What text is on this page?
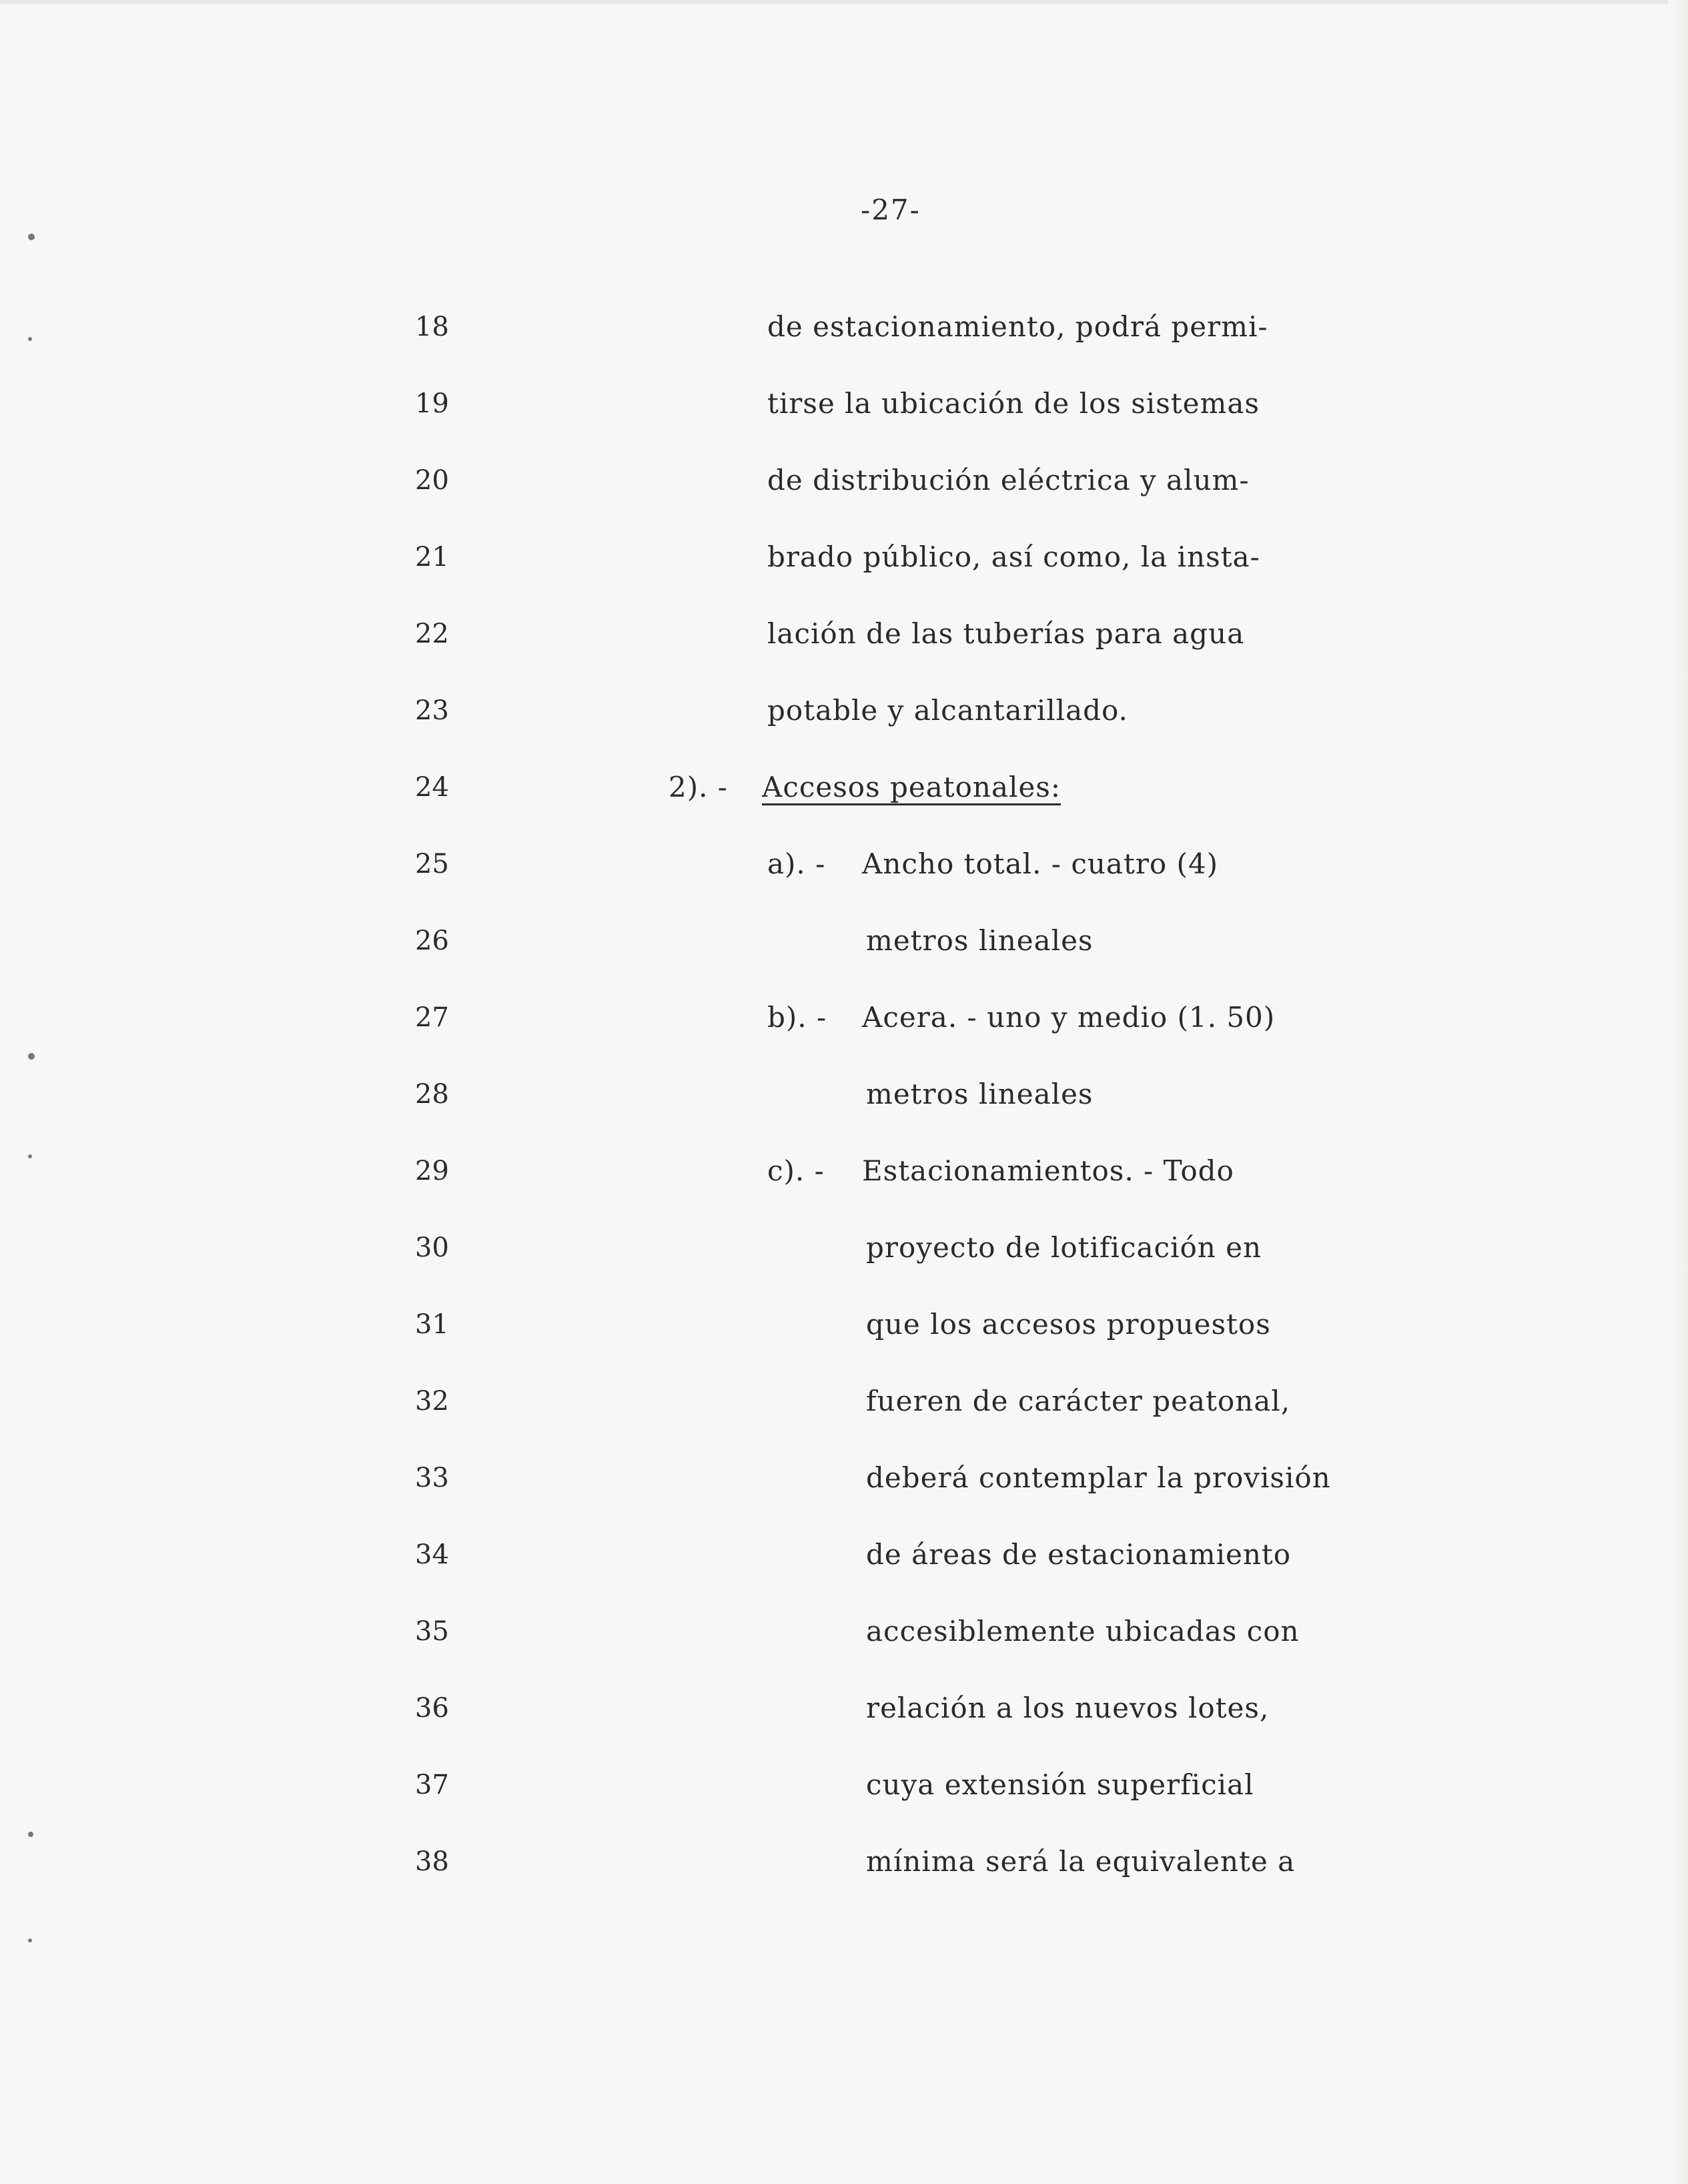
-27-
18
19
20
21
22
23
24
25
26
27
28
29
30
31
32
33
34
35
36
37
38
de estacionamiento, podrá permi-
tirse la ubicación de los sistemas
de distribución eléctrica y alum-
brado público, así como, la insta-
lación de las tuberías para agua
potable y alcantarillado.
2). - Accesos peatonales:
a). - Ancho total. - cuatro (4)
metros lineales
b). - Acera. - uno y medio (1. 50)
metros lineales
c). - Estacionamientos. - Todo
proyecto de lotificación en
que los accesos propuestos
fueren de carácter peatonal,
deberá contemplar la provisión
de áreas de estacionamiento
accesiblemente ubicadas con
relación a los nuevos lotes,
cuya extensión superficial
mínima será la equivalente a
